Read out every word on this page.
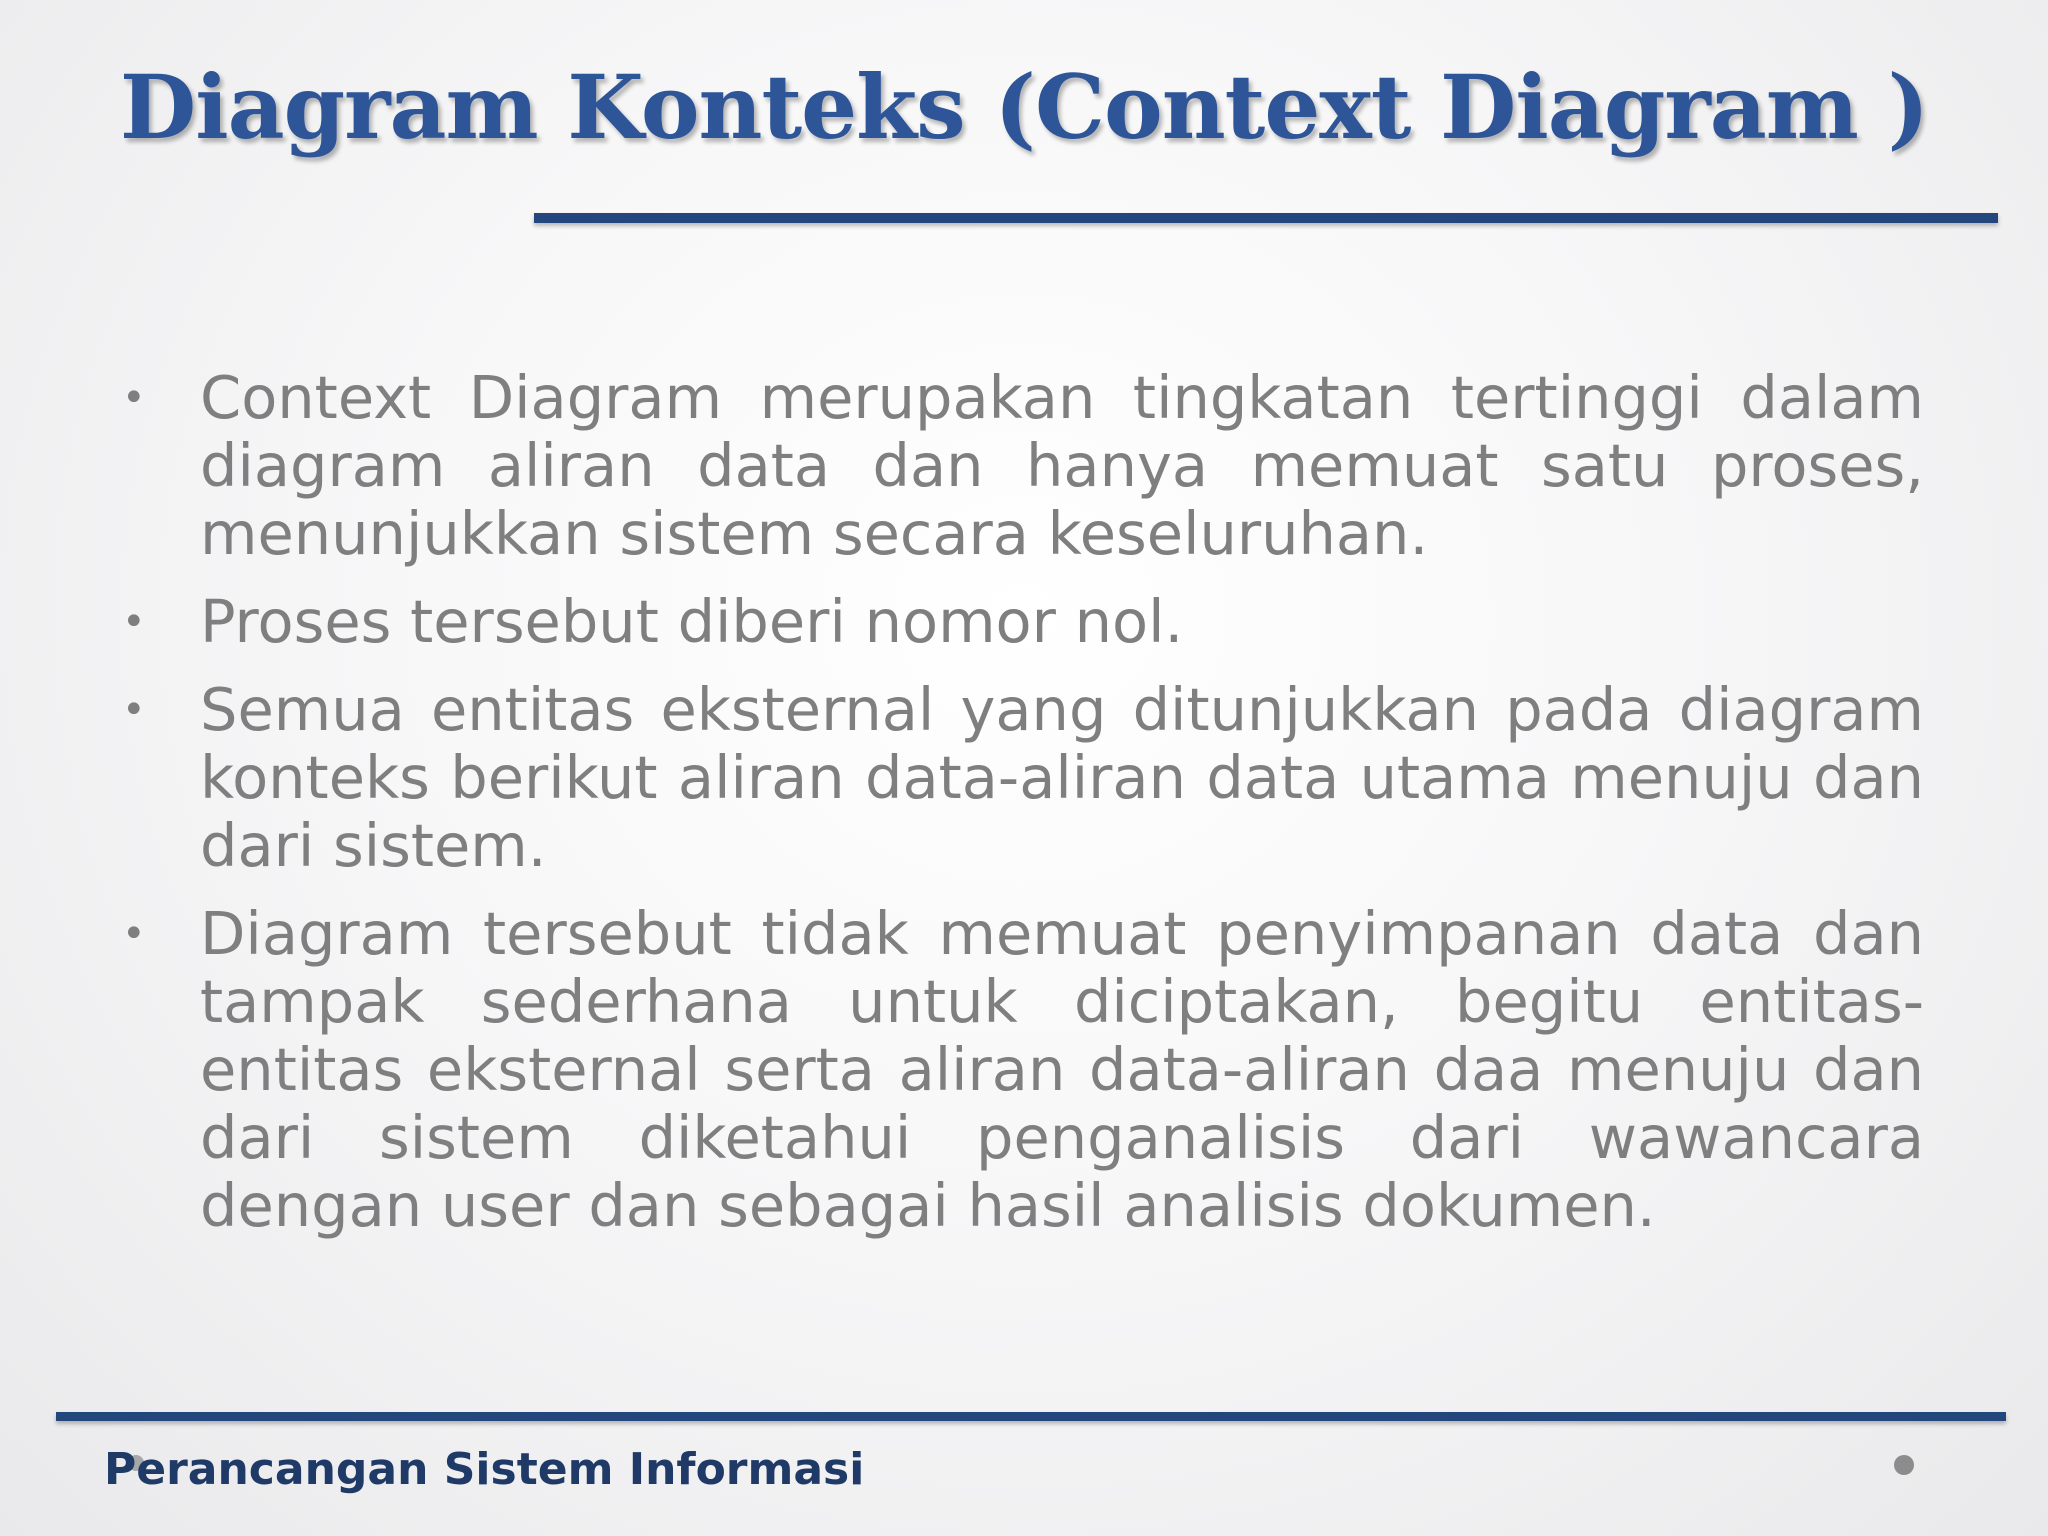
Diagram Konteks (Context Diagram )
• Context Diagram merupakan tingkatan tertinggi dalam diagram aliran data dan hanya memuat satu proses, menunjukkan sistem secara keseluruhan.
• Proses tersebut diberi nomor nol.
• Semua entitas eksternal yang ditunjukkan pada diagram konteks berikut aliran data-aliran data utama menuju dan dari sistem.
• Diagram tersebut tidak memuat penyimpanan data dan tampak sederhana untuk diciptakan, begitu entitas-entitas eksternal serta aliran data-aliran daa menuju dan dari sistem diketahui penganalisis dari wawancara dengan user dan sebagai hasil analisis dokumen.

Perancangan Sistem Informasi
